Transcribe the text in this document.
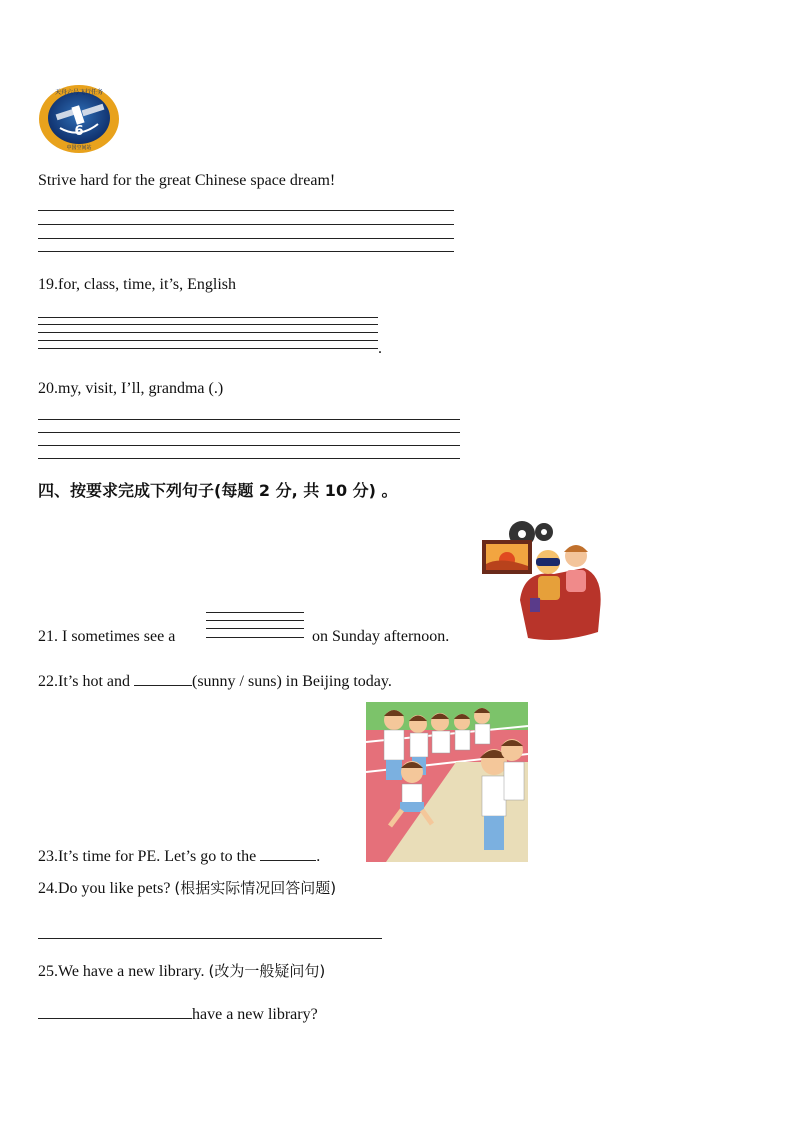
6
天舟六号飞行任务
中国空间站
Strive hard for the great Chinese space dream!
19.for, class, time, it’s, English
.
20.my, visit, I’ll, grandma (.)
四、按要求完成下列句子(每题 2 分, 共 10 分) 。
21. I sometimes see a	on Sunday afternoon.
22.It’s hot and	(sunny / suns) in Beijing today.
23.It’s time for PE. Let’s go to the	.
24.Do you like pets? (根据实际情况回答问题)
25.We have a new library. (改为一般疑问句)
have a new library?
